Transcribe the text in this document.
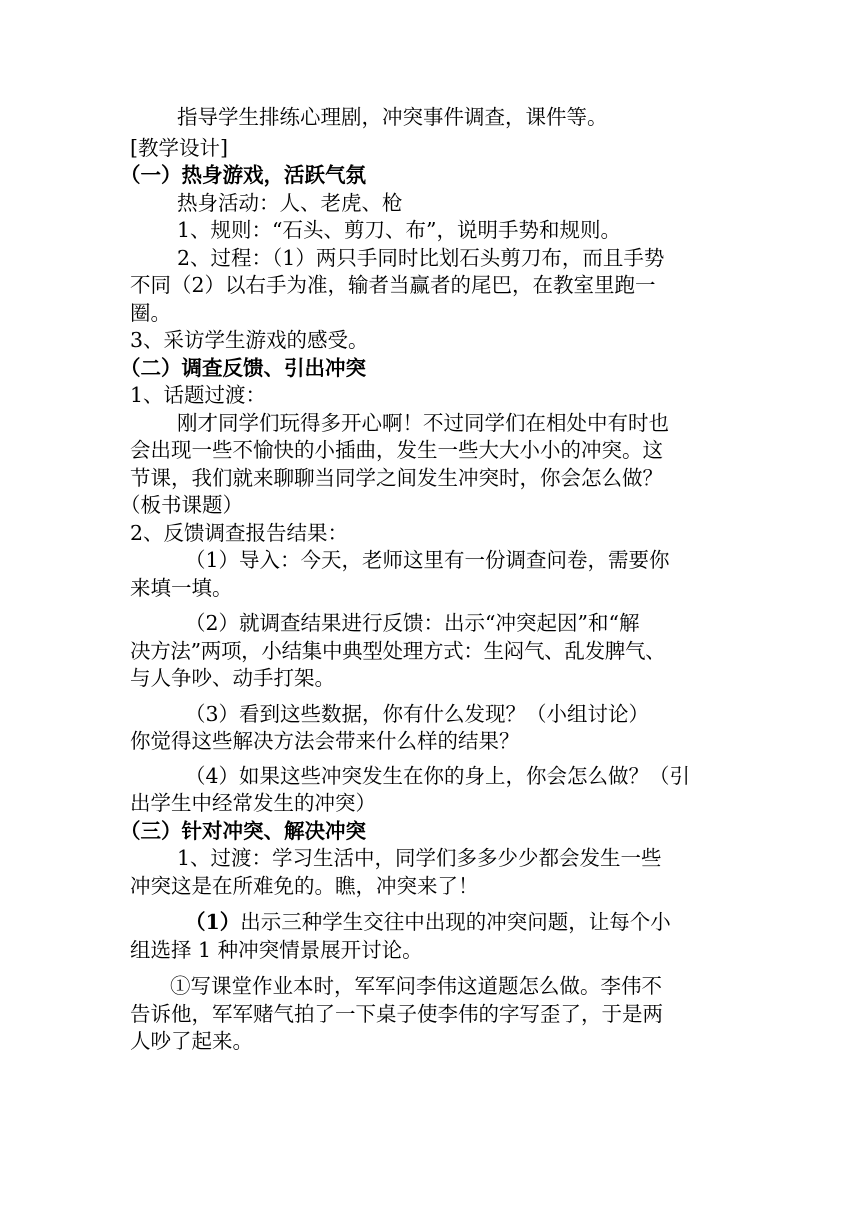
指导学生排练心理剧，冲突事件调查，课件等。

[教学设计]

（一）热身游戏，活跃气氛

热身活动：人、老虎、枪

1、规则：“石头、剪刀、布”，说明手势和规则。

2、过程：（1）两只手同时比划石头剪刀布，而且手势

不同（2）以右手为准，输者当赢者的尾巴，在教室里跑一

圈。

3、采访学生游戏的感受。

（二）调查反馈、引出冲突

1、话题过渡：

刚才同学们玩得多开心啊！不过同学们在相处中有时也

会出现一些不愉快的小插曲，发生一些大大小小的冲突。这

节课，我们就来聊聊当同学之间发生冲突时，你会怎么做？

（板书课题）

2、反馈调查报告结果：

（1）导入：今天，老师这里有一份调查问卷，需要你

来填一填。

（2）就调查结果进行反馈：出示“冲突起因”和“解

决方法”两项，小结集中典型处理方式：生闷气、乱发脾气、

与人争吵、动手打架。

（3）看到这些数据，你有什么发现？（小组讨论）

你觉得这些解决方法会带来什么样的结果？

（4）如果这些冲突发生在你的身上，你会怎么做？（引

出学生中经常发生的冲突）

（三）针对冲突、解决冲突

1、过渡：学习生活中，同学们多多少少都会发生一些

冲突这是在所难免的。瞧，冲突来了！

（1）出示三种学生交往中出现的冲突问题，让每个小

组选择 1 种冲突情景展开讨论。

①写课堂作业本时，军军问李伟这道题怎么做。李伟不

告诉他，军军赌气拍了一下桌子使李伟的字写歪了，于是两

人吵了起来。
